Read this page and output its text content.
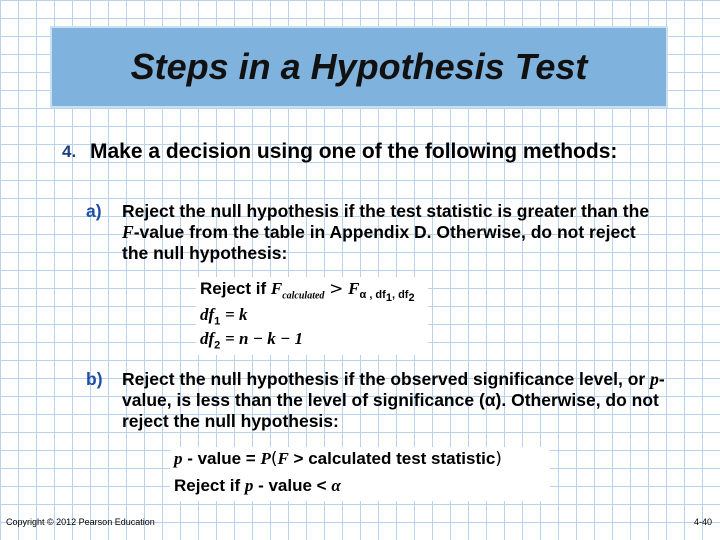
Steps in a Hypothesis Test
4. Make a decision using one of the following methods:
a)	Reject the null hypothesis if the test statistic is greater than the F-value from the table in Appendix D. Otherwise, do not reject the null hypothesis:
Reject if $F_{calculated} > F_{\alpha , df_1, df_2}$
$df_1 = k$
$df_2 = n - k - 1$
b)	Reject the null hypothesis if the observed significance level, or p-value, is less than the level of significance (α). Otherwise, do not reject the null hypothesis:
p - value = P(F > calculated test statistic)
Reject if p - value < α
Copyright © 2012 Pearson Education	4-40
